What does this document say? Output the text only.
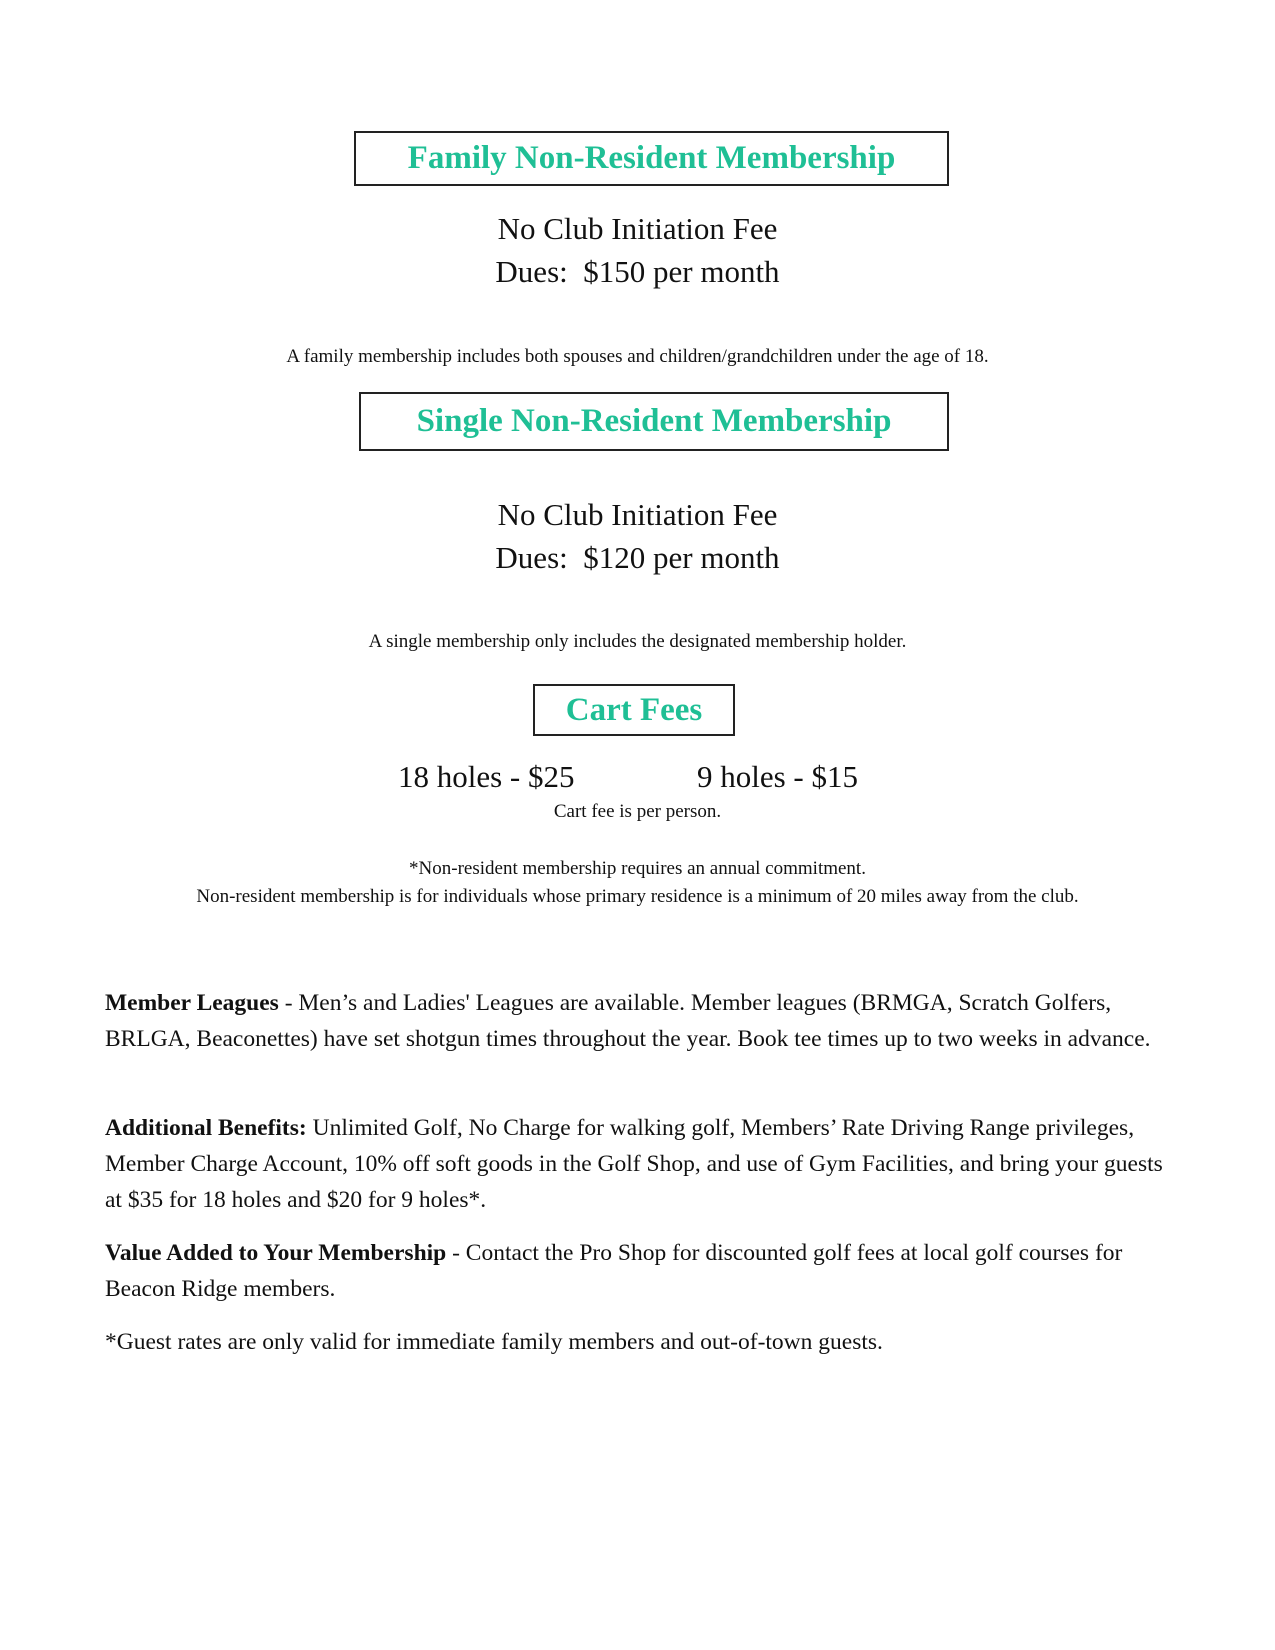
Family Non-Resident Membership
No Club Initiation Fee
Dues:  $150 per month
A family membership includes both spouses and children/grandchildren under the age of 18.
Single Non-Resident Membership
No Club Initiation Fee
Dues:  $120 per month
A single membership only includes the designated membership holder.
Cart Fees
18 holes - $25	9 holes - $15
Cart fee is per person.
*Non-resident membership requires an annual commitment.
Non-resident membership is for individuals whose primary residence is a minimum of 20 miles away from the club.
Member Leagues - Men’s and Ladies' Leagues are available. Member leagues (BRMGA, Scratch Golfers, BRLGA, Beaconettes) have set shotgun times throughout the year. Book tee times up to two weeks in advance.
Additional Benefits: Unlimited Golf, No Charge for walking golf, Members’ Rate Driving Range privileges, Member Charge Account, 10% off soft goods in the Golf Shop, and use of Gym Facilities, and bring your guests at $35 for 18 holes and $20 for 9 holes*.
Value Added to Your Membership - Contact the Pro Shop for discounted golf fees at local golf courses for Beacon Ridge members.
*Guest rates are only valid for immediate family members and out-of-town guests.
